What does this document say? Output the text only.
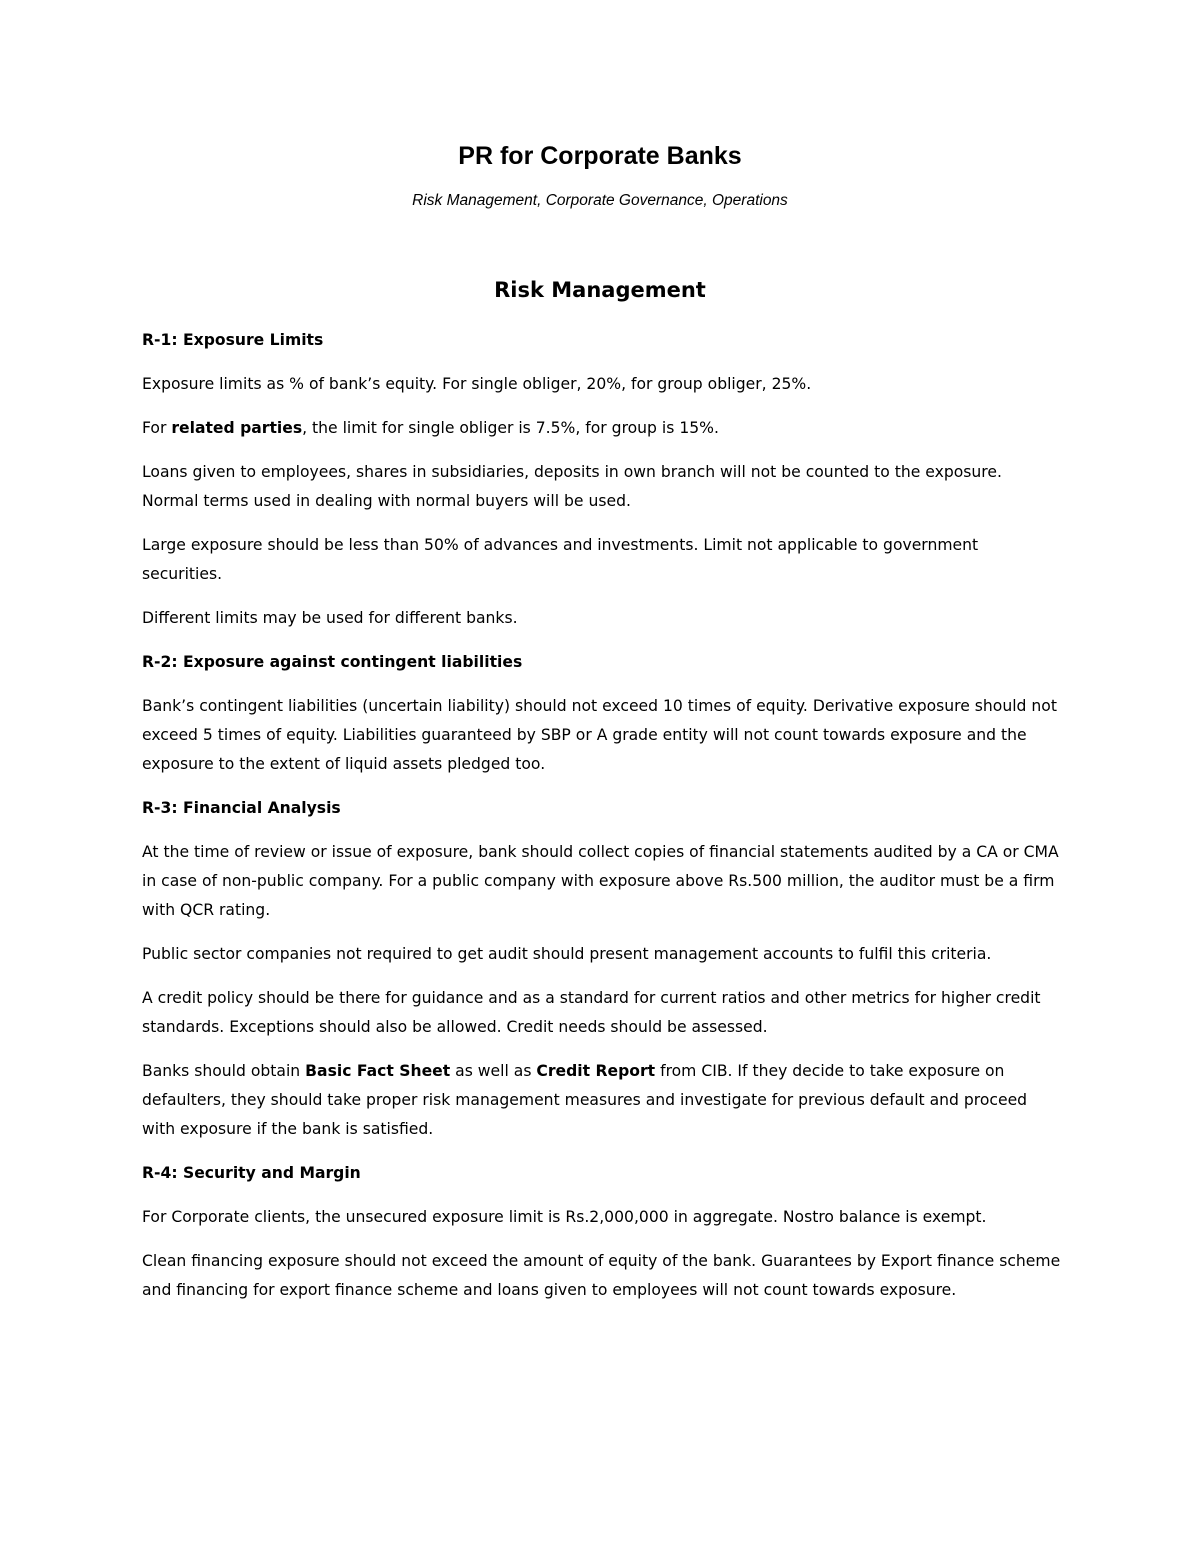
PR for Corporate Banks
Risk Management, Corporate Governance, Operations
Risk Management
R-1: Exposure Limits

Exposure limits as % of bank’s equity. For single obliger, 20%, for group obliger, 25%.

For related parties, the limit for single obliger is 7.5%, for group is 15%.

Loans given to employees, shares in subsidiaries, deposits in own branch will not be counted to the exposure. Normal terms used in dealing with normal buyers will be used.

Large exposure should be less than 50% of advances and investments. Limit not applicable to government securities.

Different limits may be used for different banks.

R-2: Exposure against contingent liabilities

Bank’s contingent liabilities (uncertain liability) should not exceed 10 times of equity. Derivative exposure should not exceed 5 times of equity. Liabilities guaranteed by SBP or A grade entity will not count towards exposure and the exposure to the extent of liquid assets pledged too.

R-3: Financial Analysis

At the time of review or issue of exposure, bank should collect copies of financial statements audited by a CA or CMA in case of non-public company. For a public company with exposure above Rs.500 million, the auditor must be a firm with QCR rating.

Public sector companies not required to get audit should present management accounts to fulfil this criteria.

A credit policy should be there for guidance and as a standard for current ratios and other metrics for higher credit standards. Exceptions should also be allowed. Credit needs should be assessed.

Banks should obtain Basic Fact Sheet as well as Credit Report from CIB. If they decide to take exposure on defaulters, they should take proper risk management measures and investigate for previous default and proceed with exposure if the bank is satisfied.

R-4: Security and Margin

For Corporate clients, the unsecured exposure limit is Rs.2,000,000 in aggregate. Nostro balance is exempt.

Clean financing exposure should not exceed the amount of equity of the bank. Guarantees by Export finance scheme and financing for export finance scheme and loans given to employees will not count towards exposure.
